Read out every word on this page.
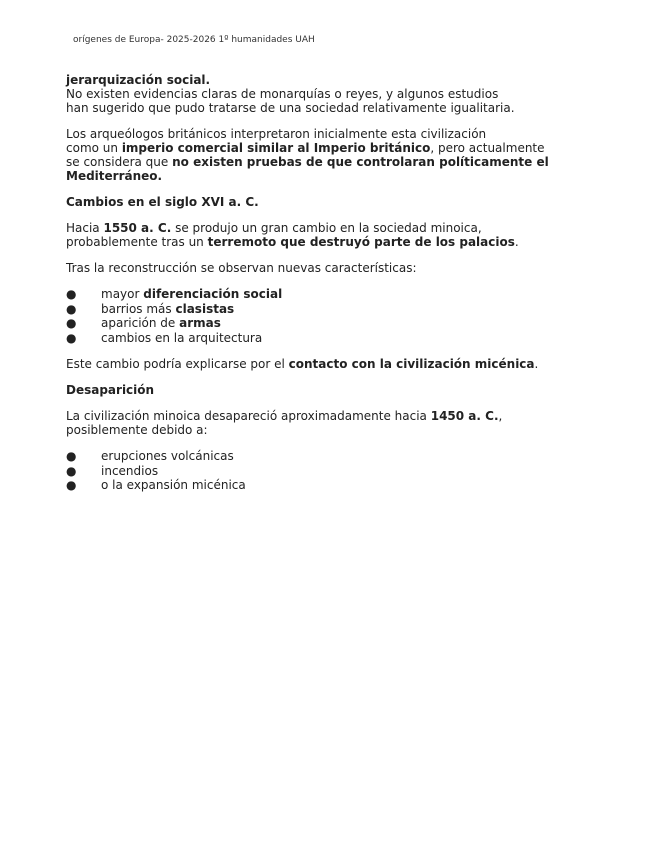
orígenes de Europa- 2025-2026 1º humanidades UAH

jerarquización social.
No existen evidencias claras de monarquías o reyes, y algunos estudios
han sugerido que pudo tratarse de una sociedad relativamente igualitaria.

Los arqueólogos británicos interpretaron inicialmente esta civilización
como un imperio comercial similar al Imperio británico, pero actualmente
se considera que no existen pruebas de que controlaran políticamente el
Mediterráneo.

Cambios en el siglo XVI a. C.

Hacia 1550 a. C. se produjo un gran cambio en la sociedad minoica,
probablemente tras un terremoto que destruyó parte de los palacios.

Tras la reconstrucción se observan nuevas características:

● mayor diferenciación social
● barrios más clasistas
● aparición de armas
● cambios en la arquitectura

Este cambio podría explicarse por el contacto con la civilización micénica.

Desaparición

La civilización minoica desapareció aproximadamente hacia 1450 a. C.,
posiblemente debido a:

● erupciones volcánicas
● incendios
● o la expansión micénica
